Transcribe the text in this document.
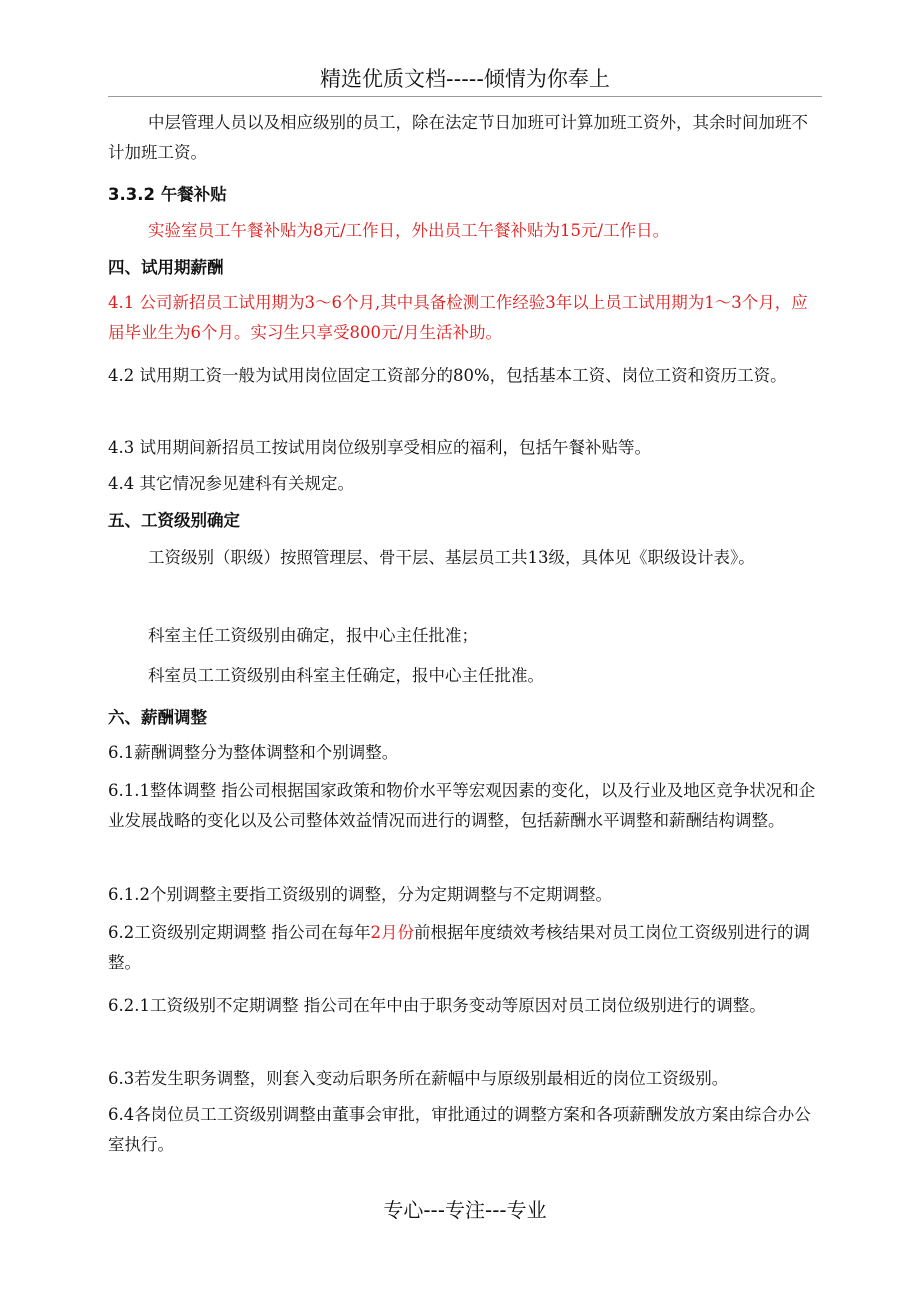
精选优质文档-----倾情为你奉上
中层管理人员以及相应级别的员工，除在法定节日加班可计算加班工资外，其余时间加班不计加班工资。
3.3.2 午餐补贴
实验室员工午餐补贴为8元/工作日，外出员工午餐补贴为15元/工作日。
四、试用期薪酬
4.1 公司新招员工试用期为3～6个月,其中具备检测工作经验3年以上员工试用期为1～3个月，应届毕业生为6个月。实习生只享受800元/月生活补助。
4.2 试用期工资一般为试用岗位固定工资部分的80%，包括基本工资、岗位工资和资历工资。
4.3 试用期间新招员工按试用岗位级别享受相应的福利，包括午餐补贴等。
4.4 其它情况参见建科有关规定。
五、工资级别确定
工资级别（职级）按照管理层、骨干层、基层员工共13级，具体见《职级设计表》。
科室主任工资级别由确定，报中心主任批准；
科室员工工资级别由科室主任确定，报中心主任批准。
六、薪酬调整
6.1薪酬调整分为整体调整和个别调整。
6.1.1整体调整 指公司根据国家政策和物价水平等宏观因素的变化，以及行业及地区竞争状况和企业发展战略的变化以及公司整体效益情况而进行的调整，包括薪酬水平调整和薪酬结构调整。
6.1.2个别调整主要指工资级别的调整，分为定期调整与不定期调整。
6.2工资级别定期调整 指公司在每年2月份前根据年度绩效考核结果对员工岗位工资级别进行的调整。
6.2.1工资级别不定期调整 指公司在年中由于职务变动等原因对员工岗位级别进行的调整。
6.3若发生职务调整，则套入变动后职务所在薪幅中与原级别最相近的岗位工资级别。
6.4各岗位员工工资级别调整由董事会审批，审批通过的调整方案和各项薪酬发放方案由综合办公室执行。
专心---专注---专业
